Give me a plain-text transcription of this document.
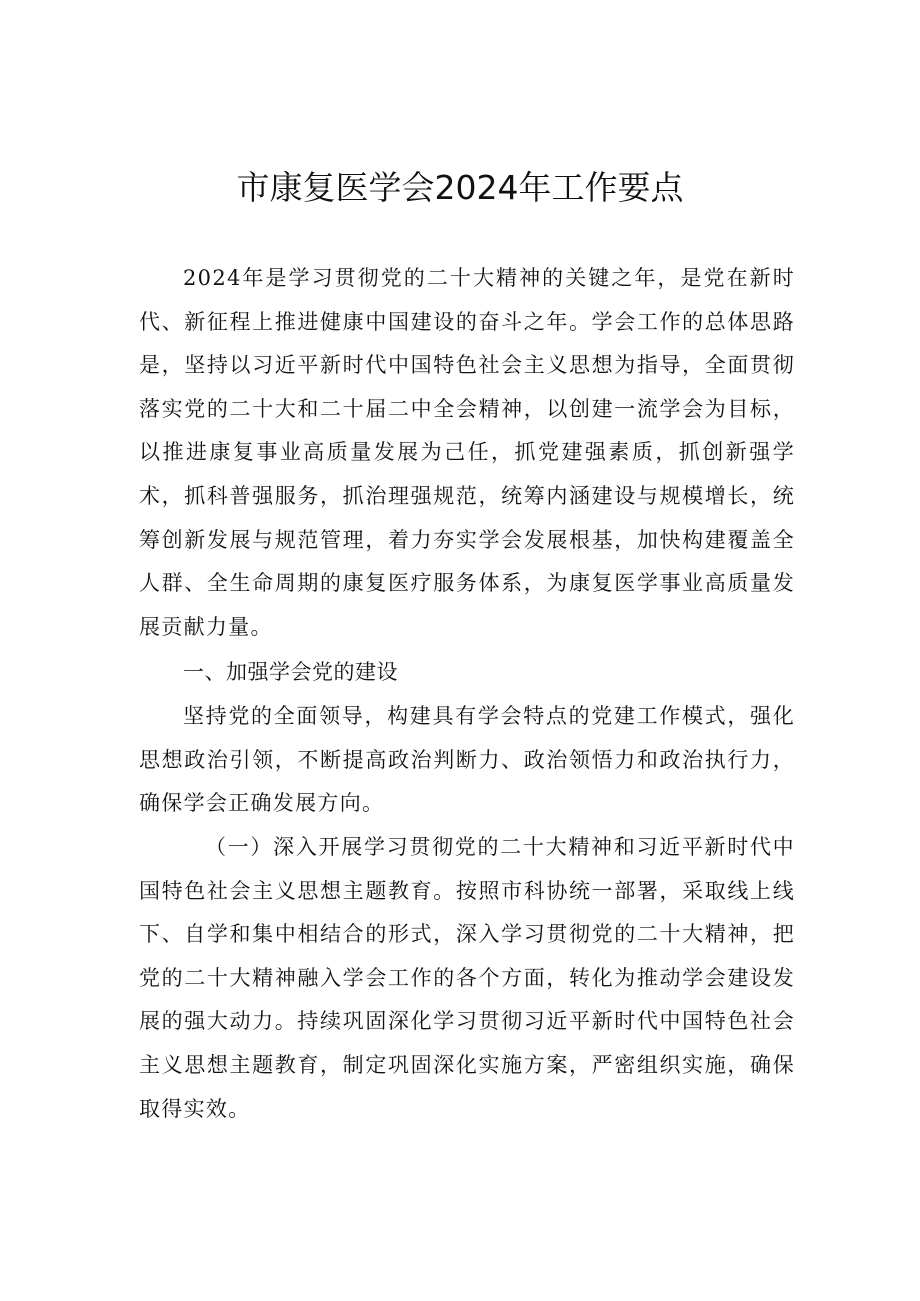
市康复医学会2024年工作要点

2024年是学习贯彻党的二十大精神的关键之年，是党在新时代、新征程上推进健康中国建设的奋斗之年。学会工作的总体思路是，坚持以习近平新时代中国特色社会主义思想为指导，全面贯彻落实党的二十大和二十届二中全会精神，以创建一流学会为目标，以推进康复事业高质量发展为己任，抓党建强素质，抓创新强学术，抓科普强服务，抓治理强规范，统筹内涵建设与规模增长，统筹创新发展与规范管理，着力夯实学会发展根基，加快构建覆盖全人群、全生命周期的康复医疗服务体系，为康复医学事业高质量发展贡献力量。

一、加强学会党的建设

坚持党的全面领导，构建具有学会特点的党建工作模式，强化思想政治引领，不断提高政治判断力、政治领悟力和政治执行力，确保学会正确发展方向。

（一）深入开展学习贯彻党的二十大精神和习近平新时代中国特色社会主义思想主题教育。按照市科协统一部署，采取线上线下、自学和集中相结合的形式，深入学习贯彻党的二十大精神，把党的二十大精神融入学会工作的各个方面，转化为推动学会建设发展的强大动力。持续巩固深化学习贯彻习近平新时代中国特色社会主义思想主题教育，制定巩固深化实施方案，严密组织实施，确保取得实效。
